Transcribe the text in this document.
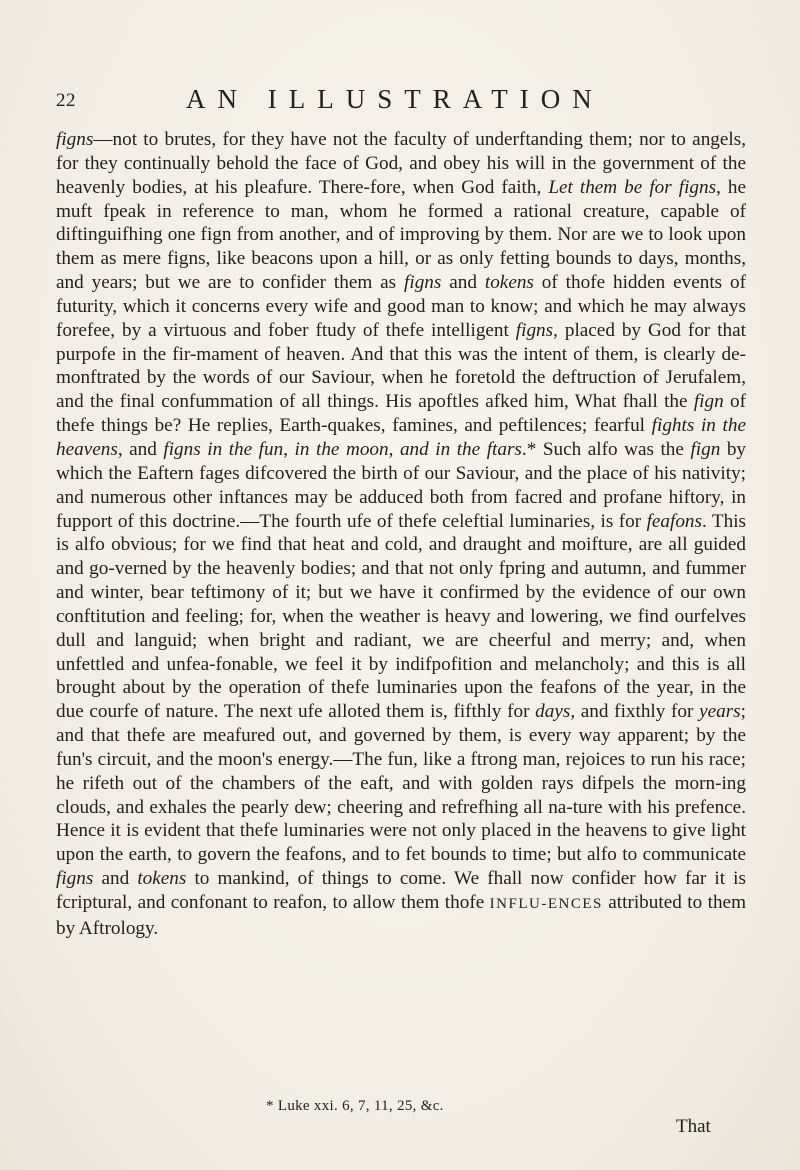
22	AN ILLUSTRATION

figns—not to brutes, for they have not the faculty of underftanding them; nor to angels, for they continually behold the face of God, and obey his will in the government of the heavenly bodies, at his pleafure. There-fore, when God faith, Let them be for figns, he muft fpeak in reference to man, whom he formed a rational creature, capable of diftinguifhing one fign from another, and of improving by them. Nor are we to look upon them as mere figns, like beacons upon a hill, or as only fetting bounds to days, months, and years; but we are to confider them as figns and tokens of thofe hidden events of futurity, which it concerns every wife and good man to know; and which he may always forefee, by a virtuous and fober ftudy of thefe intelligent figns, placed by God for that purpofe in the fir-mament of heaven. And that this was the intent of them, is clearly de-monftrated by the words of our Saviour, when he foretold the deftruction of Jerufalem, and the final confummation of all things. His apoftles afked him, What fhall the fign of thefe things be? He replies, Earth-quakes, famines, and peftilences; fearful fights in the heavens, and figns in the fun, in the moon, and in the ftars.* Such alfo was the fign by which the Eaftern fages difcovered the birth of our Saviour, and the place of his nativity; and numerous other inftances may be adduced both from facred and profane hiftory, in fupport of this doctrine.—The fourth ufe of thefe celeftial luminaries, is for feafons. This is alfo obvious; for we find that heat and cold, and draught and moifture, are all guided and go-verned by the heavenly bodies; and that not only fpring and autumn, and fummer and winter, bear teftimony of it; but we have it confirmed by the evidence of our own conftitution and feeling; for, when the weather is heavy and lowering, we find ourfelves dull and languid; when bright and radiant, we are cheerful and merry; and, when unfettled and unfea-fonable, we feel it by indifpofition and melancholy; and this is all brought about by the operation of thefe luminaries upon the feafons of the year, in the due courfe of nature. The next ufe alloted them is, fifthly for days, and fixthly for years; and that thefe are meafured out, and governed by them, is every way apparent; by the fun's circuit, and the moon's energy.—The fun, like a ftrong man, rejoices to run his race; he rifeth out of the chambers of the eaft, and with golden rays difpels the morn-ing clouds, and exhales the pearly dew; cheering and refrefhing all na-ture with his prefence. Hence it is evident that thefe luminaries were not only placed in the heavens to give light upon the earth, to govern the feafons, and to fet bounds to time; but alfo to communicate figns and tokens to mankind, of things to come. We fhall now confider how far it is fcriptural, and confonant to reafon, to allow them thofe INFLU-ENCES attributed to them by Aftrology.

* Luke xxi. 6, 7, 11, 25, &c.
That
